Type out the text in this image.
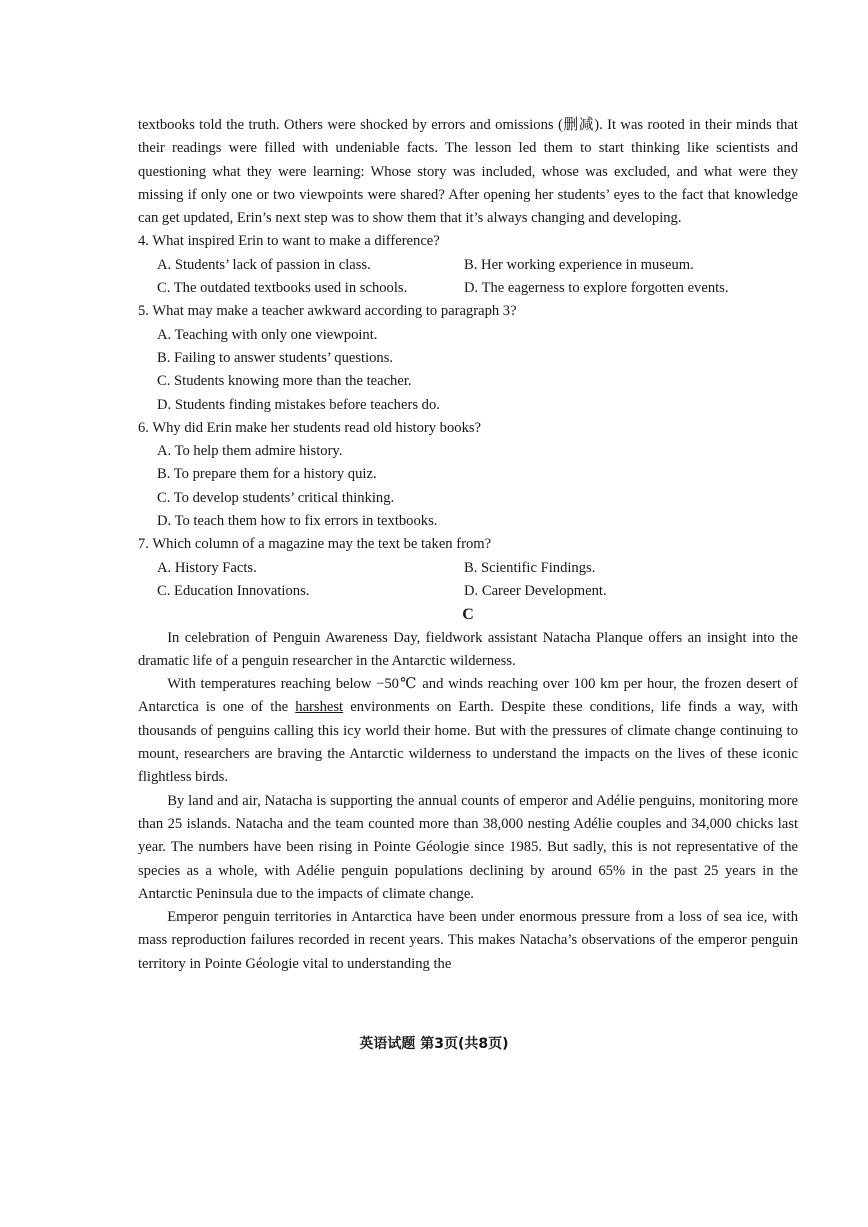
textbooks told the truth. Others were shocked by errors and omissions (删减). It was rooted in their minds that their readings were filled with undeniable facts. The lesson led them to start thinking like scientists and questioning what they were learning: Whose story was included, whose was excluded, and what were they missing if only one or two viewpoints were shared? After opening her students’ eyes to the fact that knowledge can get updated, Erin’s next step was to show them that it’s always changing and developing.

4. What inspired Erin to want to make a difference?

A. Students’ lack of passion in class.	B. Her working experience in museum.

C. The outdated textbooks used in schools.	D. The eagerness to explore forgotten events.

5. What may make a teacher awkward according to paragraph 3?

A. Teaching with only one viewpoint.

B. Failing to answer students’ questions.

C. Students knowing more than the teacher.

D. Students finding mistakes before teachers do.

6. Why did Erin make her students read old history books?

A. To help them admire history.

B. To prepare them for a history quiz.

C. To develop students’ critical thinking.

D. To teach them how to fix errors in textbooks.

7. Which column of a magazine may the text be taken from?

A. History Facts.	B. Scientific Findings.

C. Education Innovations.	D. Career Development.

C

In celebration of Penguin Awareness Day, fieldwork assistant Natacha Planque offers an insight into the dramatic life of a penguin researcher in the Antarctic wilderness.

With temperatures reaching below −50℃ and winds reaching over 100 km per hour, the frozen desert of Antarctica is one of the harshest environments on Earth. Despite these conditions, life finds a way, with thousands of penguins calling this icy world their home. But with the pressures of climate change continuing to mount, researchers are braving the Antarctic wilderness to understand the impacts on the lives of these iconic flightless birds.

By land and air, Natacha is supporting the annual counts of emperor and Adélie penguins, monitoring more than 25 islands. Natacha and the team counted more than 38,000 nesting Adélie couples and 34,000 chicks last year. The numbers have been rising in Pointe Géologie since 1985. But sadly, this is not representative of the species as a whole, with Adélie penguin populations declining by around 65% in the past 25 years in the Antarctic Peninsula due to the impacts of climate change.

Emperor penguin territories in Antarctica have been under enormous pressure from a loss of sea ice, with mass reproduction failures recorded in recent years. This makes Natacha’s observations of the emperor penguin territory in Pointe Géologie vital to understanding the

英语试题 第3页(共8页)
